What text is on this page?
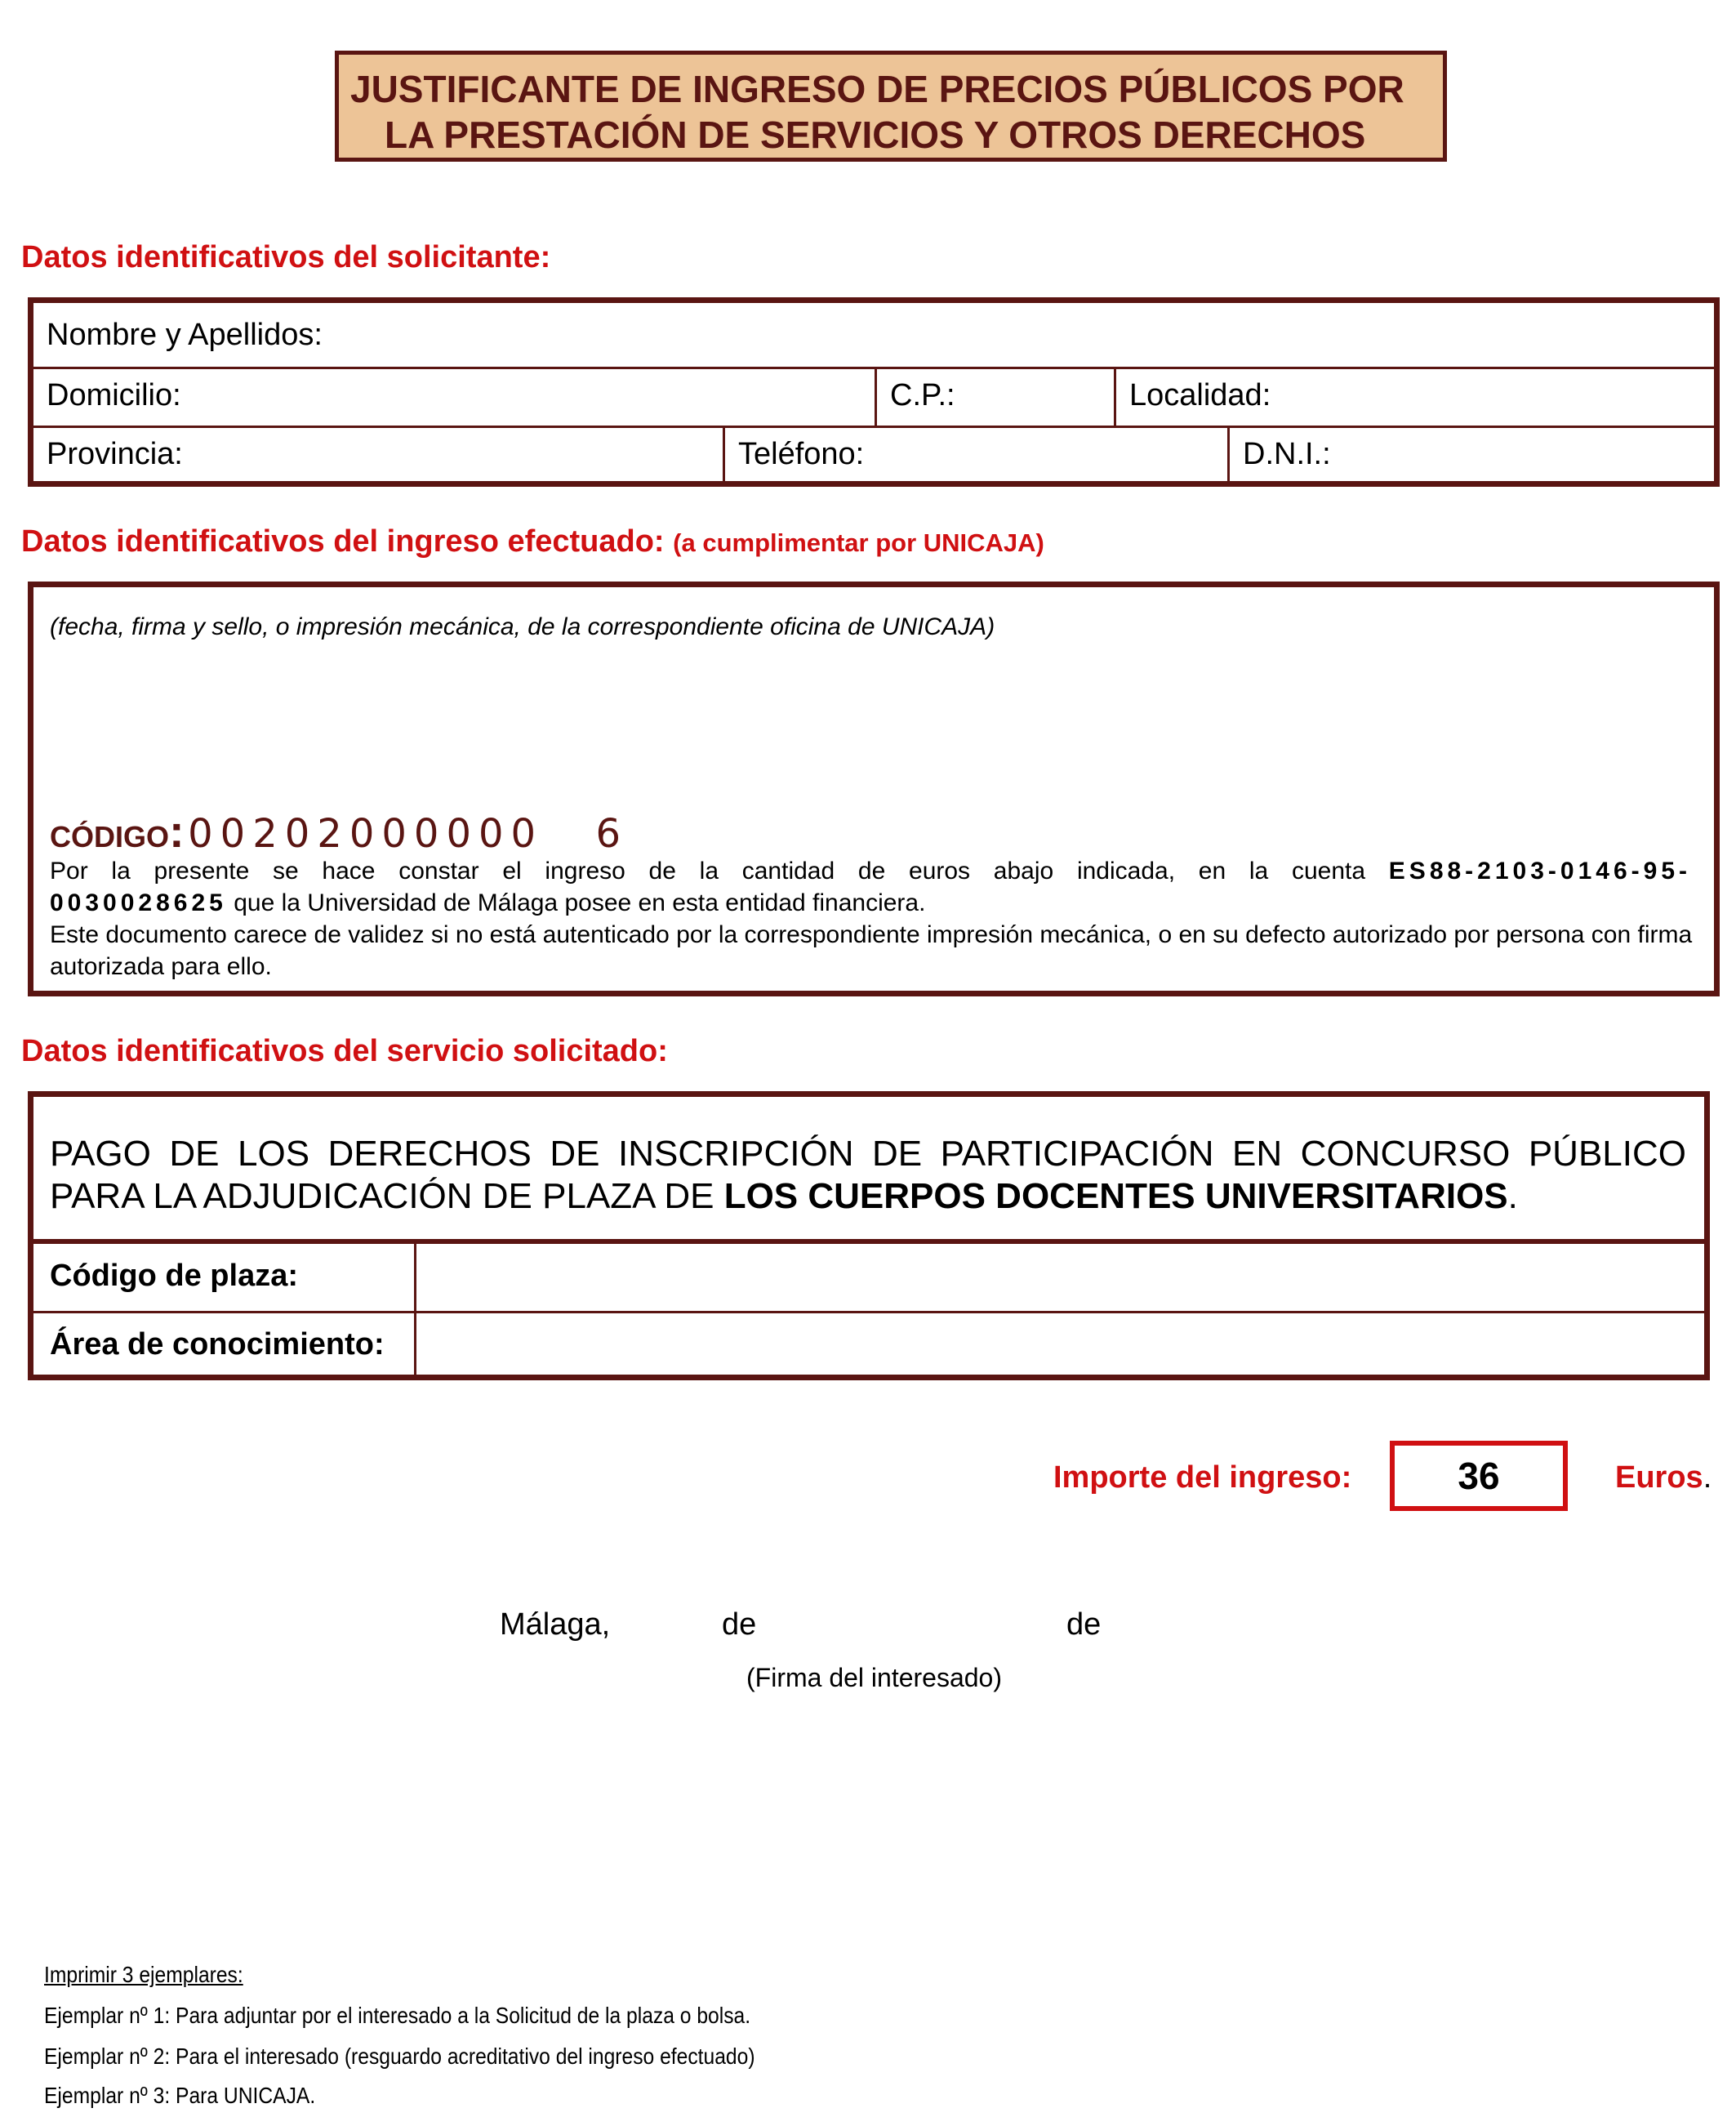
JUSTIFICANTE DE INGRESO DE PRECIOS PÚBLICOS POR
LA PRESTACIÓN DE SERVICIOS Y OTROS DERECHOS
Datos identificativos del solicitante:
Nombre y Apellidos:
Domicilio:	C.P.:	Localidad:
Provincia:	Teléfono:	D.N.I.:
Datos identificativos del ingreso efectuado: (a cumplimentar por UNICAJA)
(fecha, firma y sello, o impresión mecánica, de la correspondiente oficina de UNICAJA)
CÓDIGO: 00202000000 6
Por la presente se hace constar el ingreso de la cantidad de euros abajo indicada, en la cuenta ES88-2103-0146-95-
0030028625 que la Universidad de Málaga posee en esta entidad financiera.
Este documento carece de validez si no está autenticado por la correspondiente impresión mecánica, o en su defecto autorizado por persona con firma autorizada para ello.
Datos identificativos del servicio solicitado:
PAGO DE LOS DERECHOS DE INSCRIPCIÓN DE PARTICIPACIÓN EN CONCURSO PÚBLICO PARA LA ADJUDICACIÓN DE PLAZA DE LOS CUERPOS DOCENTES UNIVERSITARIOS.
Código de plaza:
Área de conocimiento:
Importe del ingreso:	36	Euros.
Málaga,	de	de
(Firma del interesado)
Imprimir 3 ejemplares:
Ejemplar nº 1: Para adjuntar por el interesado a la Solicitud de la plaza o bolsa.
Ejemplar nº 2: Para el interesado (resguardo acreditativo del ingreso efectuado)
Ejemplar nº 3: Para UNICAJA.
